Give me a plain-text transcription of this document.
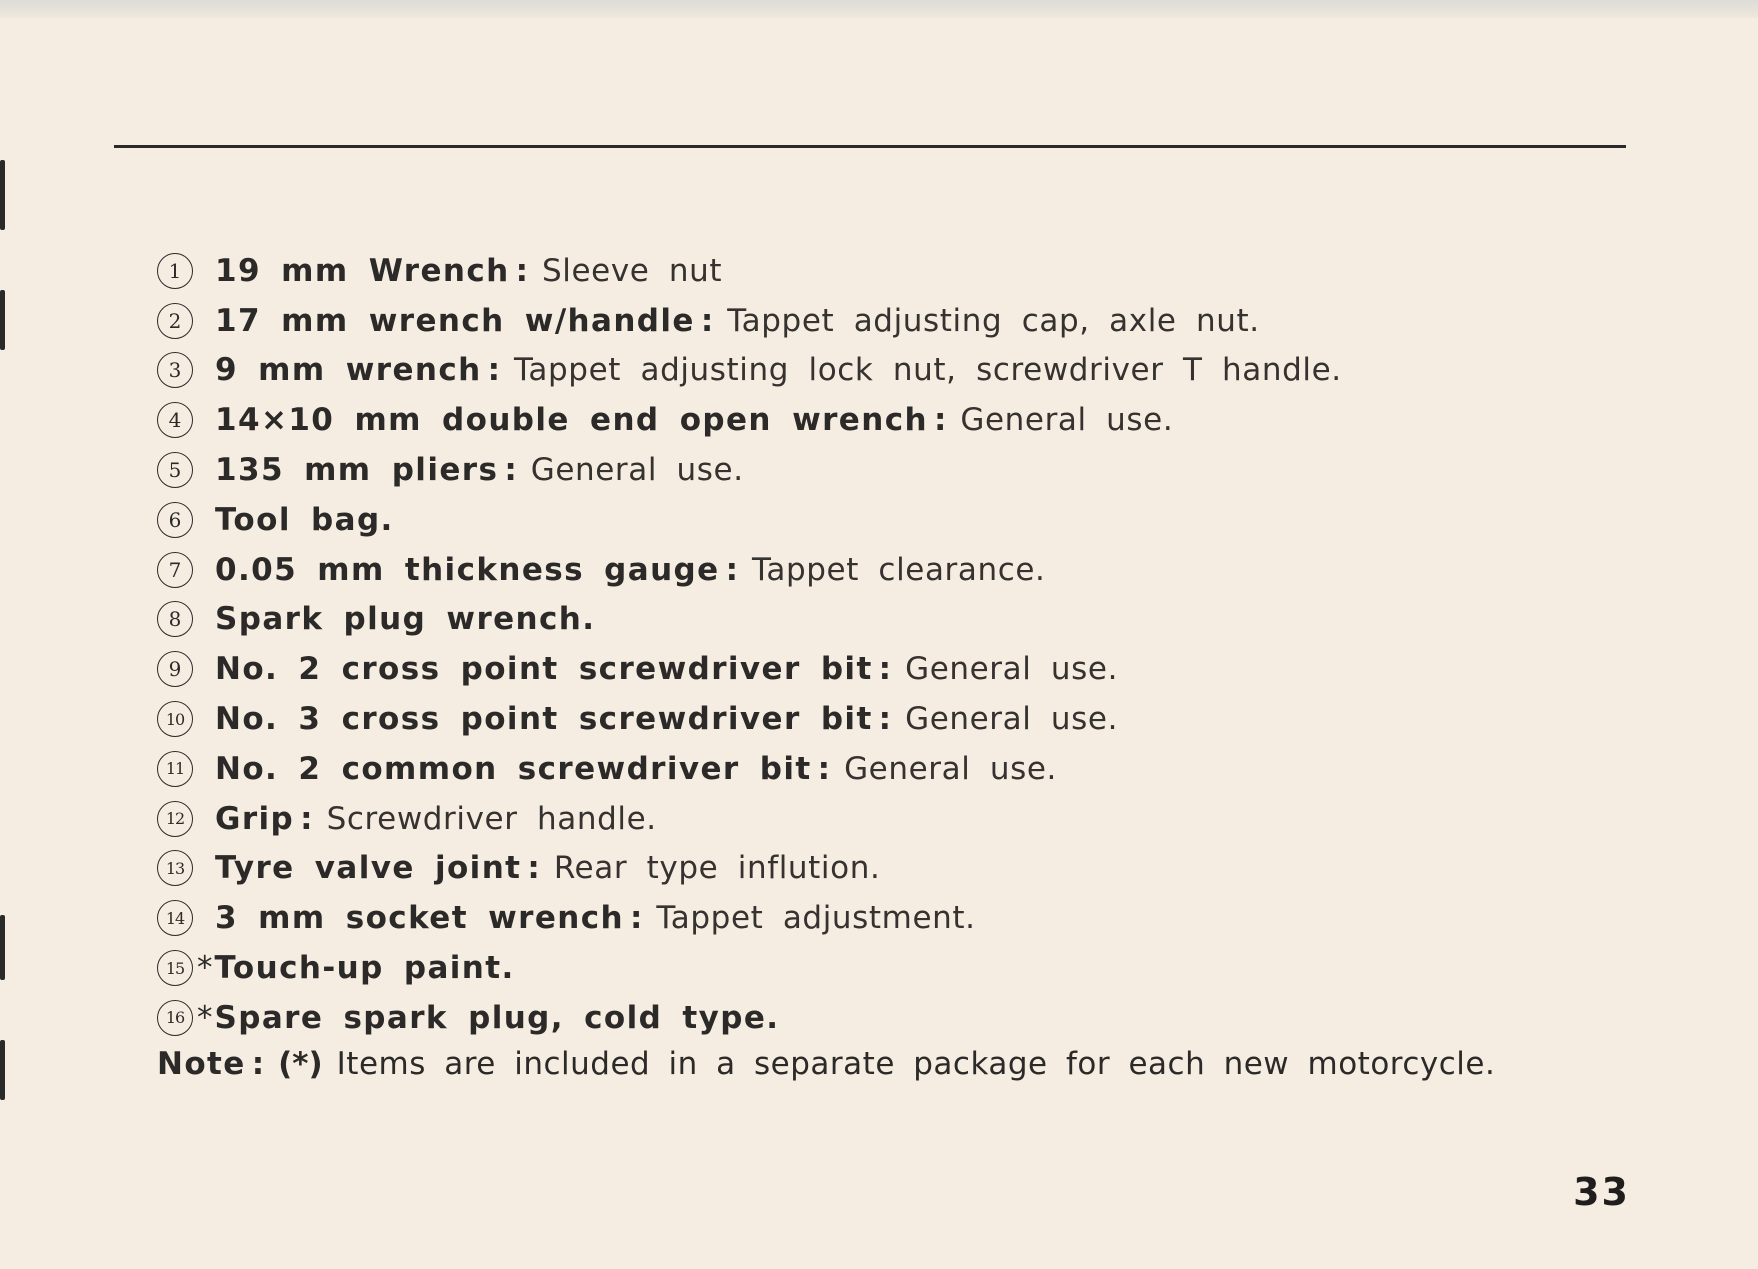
1	19 mm Wrench : Sleeve nut
2	17 mm wrench w/handle : Tappet adjusting cap, axle nut.
3	9 mm wrench : Tappet adjusting lock nut, screwdriver T handle.
4	14×10 mm double end open wrench : General use.
5	135 mm pliers : General use.
6	Tool bag.
7	0.05 mm thickness gauge : Tappet clearance.
8	Spark plug wrench.
9	No. 2 cross point screwdriver bit : General use.
10 No. 3 cross point screwdriver bit : General use.
11 No. 2 common screwdriver bit : General use.
12 Grip : Screwdriver handle.
13 Tyre valve joint : Rear type inflution.
14 3 mm socket wrench : Tappet adjustment.
15 * Touch-up paint.
16 * Spare spark plug, cold type.
Note : (*) Items are included in a separate package for each new motorcycle.
33
